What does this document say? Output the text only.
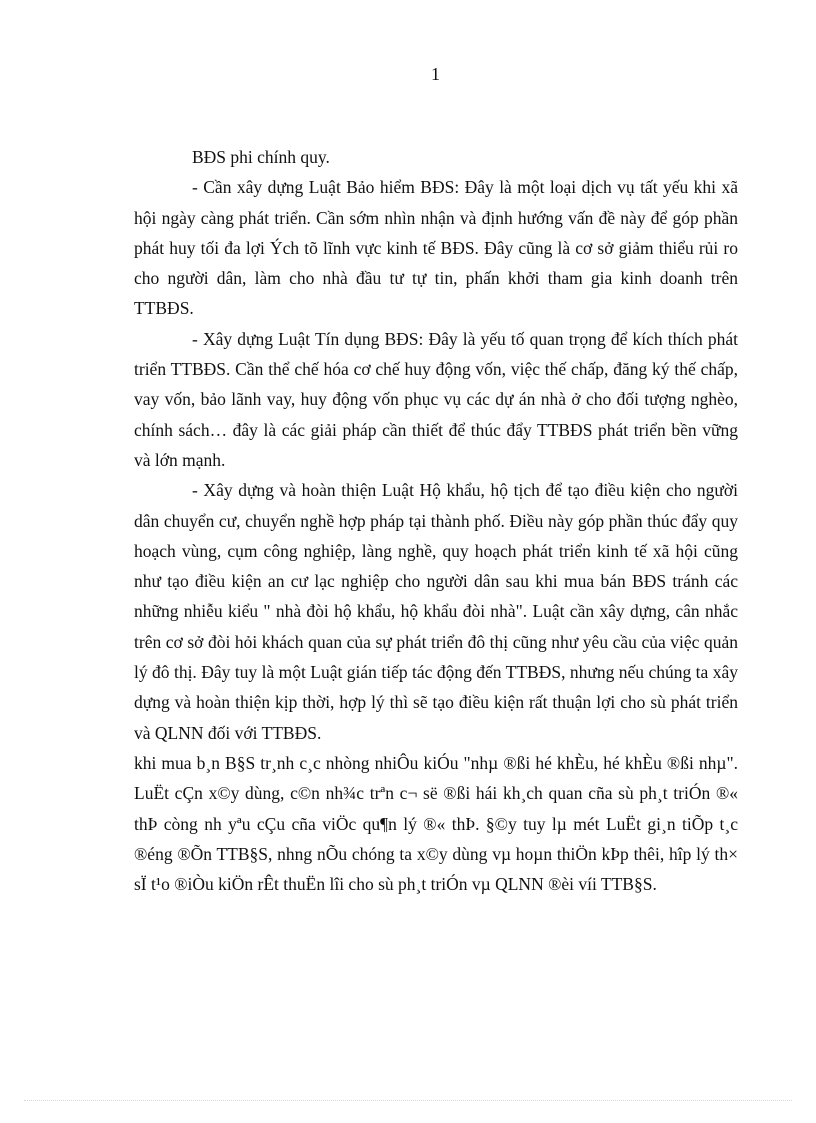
1

BĐS phi chính quy.

- Cần xây dựng Luật Bảo hiểm BĐS: Đây là một loại dịch vụ tất yếu khi xã hội ngày càng phát triển. Cần sớm nhìn nhận và định hướng vấn đề này để góp phần phát huy tối đa lợi Ých tõ lĩnh vực kinh tế BĐS. Đây cũng là cơ sở giảm thiểu rủi ro cho người dân, làm cho nhà đầu tư tự tin, phấn khởi tham gia kinh doanh trên TTBĐS.

- Xây dựng Luật Tín dụng BĐS: Đây là yếu tố quan trọng để kích thích phát triển TTBĐS. Cần thể chế hóa cơ chế huy động vốn, việc thế chấp, đăng ký thế chấp, vay vốn, bảo lãnh vay, huy động vốn phục vụ các dự án nhà ở cho đối tượng nghèo, chính sách… đây là các giải pháp cần thiết để thúc đẩy TTBĐS phát triển bền vững và lớn mạnh.

- Xây dựng và hoàn thiện Luật Hộ khẩu, hộ tịch để tạo điều kiện cho người dân chuyển cư, chuyển nghề hợp pháp tại thành phố. Điều này góp phần thúc đẩy quy hoạch vùng, cụm công nghiệp, làng nghề, quy hoạch phát triển kinh tế xã hội cũng như tạo điều kiện an cư lạc nghiệp cho người dân sau khi mua bán BĐS tránh các những nhiễu kiểu " nhà đòi hộ khẩu, hộ khẩu đòi nhà". Luật cần xây dựng, cân nhắc trên cơ sở đòi hỏi khách quan của sự phát triển đô thị cũng như yêu cầu của việc quản lý đô thị. Đây tuy là một Luật gián tiếp tác động đến TTBĐS, nhưng nếu chúng ta xây dựng và hoàn thiện kịp thời, hợp lý thì sẽ tạo điều kiện rất thuận lợi cho sù phát triển và QLNN đối với TTBĐS.

khi mua b¸n B§S tr¸nh c¸c nhòng nhiÔu kiÓu "nhµ ®ßi hé khÈu, hé khÈu ®ßi nhµ". LuËt cÇn x©y dùng, c©n nh¾c trªn c¬ së ®ßi hái kh¸ch quan cña sù ph¸t triÓn ®« thÞ còng nh yªu cÇu cña viÖc qu¶n lý ®« thÞ. §©y tuy lµ mét LuËt gi¸n tiÕp t¸c ®éng ®Õn TTB§S, nhng nÕu chóng ta x©y dùng vµ hoµn thiÖn kÞp thêi, hîp lý th× sÏ t¹o ®iÒu kiÖn rÊt thuËn lîi cho sù ph¸t triÓn vµ QLNN ®èi víi TTB§S.
